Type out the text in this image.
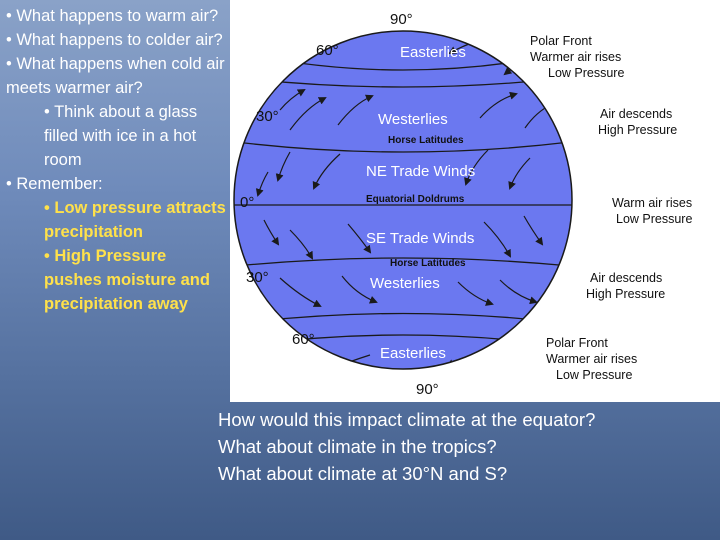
• What happens to warm air?

• What happens to colder air?

• What happens when cold air meets warmer air?

• Think about a glass filled with ice in a hot room

• Remember:

• Low pressure attracts precipitation

• High Pressure pushes moisture and precipitation away

Easterlies
Westerlies
Horse Latitudes
NE Trade Winds
Equatorial Doldrums
SE Trade Winds
Horse Latitudes
Westerlies
Easterlies
90°
60°
30°
0°
30°
60°
90°
Polar Front
Warmer air rises
Low Pressure
Air descends
High Pressure
Warm air rises
Low Pressure
Air descends
High Pressure
Polar Front
Warmer air rises
Low Pressure

How would this impact climate at the equator?

What about climate in the tropics?

What about climate at 30°N and S?
